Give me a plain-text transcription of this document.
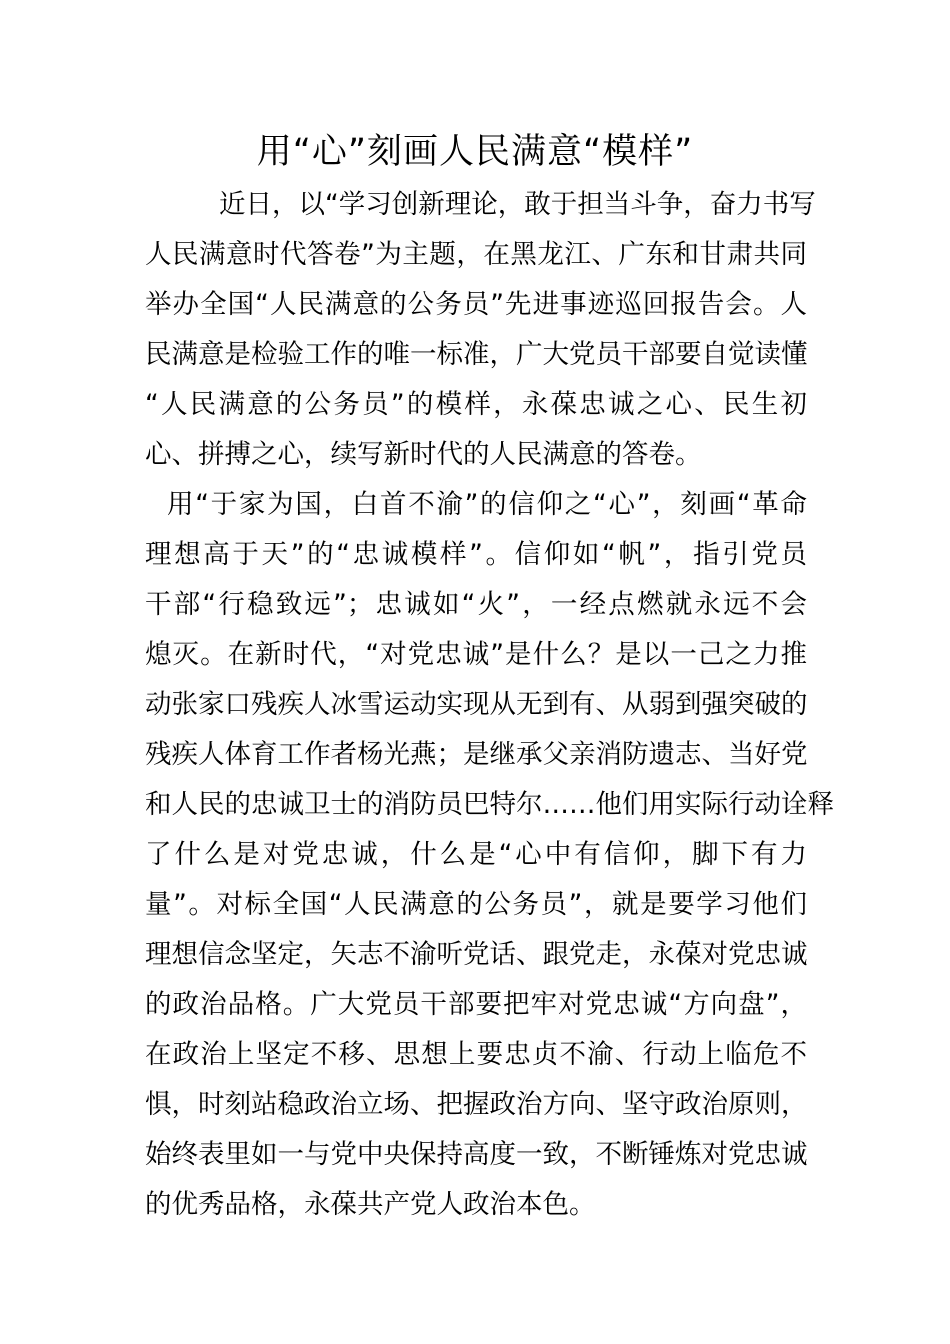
用“心”刻画人民满意“模样”
近日，以“学习创新理论，敢于担当斗争，奋力书写
人民满意时代答卷”为主题，在黑龙江、广东和甘肃共同
举办全国“人民满意的公务员”先进事迹巡回报告会。人
民满意是检验工作的唯一标准，广大党员干部要自觉读懂
“人民满意的公务员”的模样，永葆忠诚之心、民生初
心、拼搏之心，续写新时代的人民满意的答卷。
用“于家为国，白首不渝”的信仰之“心”，刻画“革命
理想高于天”的“忠诚模样”。信仰如“帆”，指引党员
干部“行稳致远”；忠诚如“火”，一经点燃就永远不会
熄灭。在新时代，“对党忠诚”是什么？是以一己之力推
动张家口残疾人冰雪运动实现从无到有、从弱到强突破的
残疾人体育工作者杨光燕；是继承父亲消防遗志、当好党
和人民的忠诚卫士的消防员巴特尔……他们用实际行动诠释
了什么是对党忠诚，什么是“心中有信仰，脚下有力
量”。对标全国“人民满意的公务员”，就是要学习他们
理想信念坚定，矢志不渝听党话、跟党走，永葆对党忠诚
的政治品格。广大党员干部要把牢对党忠诚“方向盘”，
在政治上坚定不移、思想上要忠贞不渝、行动上临危不
惧，时刻站稳政治立场、把握政治方向、坚守政治原则，
始终表里如一与党中央保持高度一致，不断锤炼对党忠诚
的优秀品格，永葆共产党人政治本色。
